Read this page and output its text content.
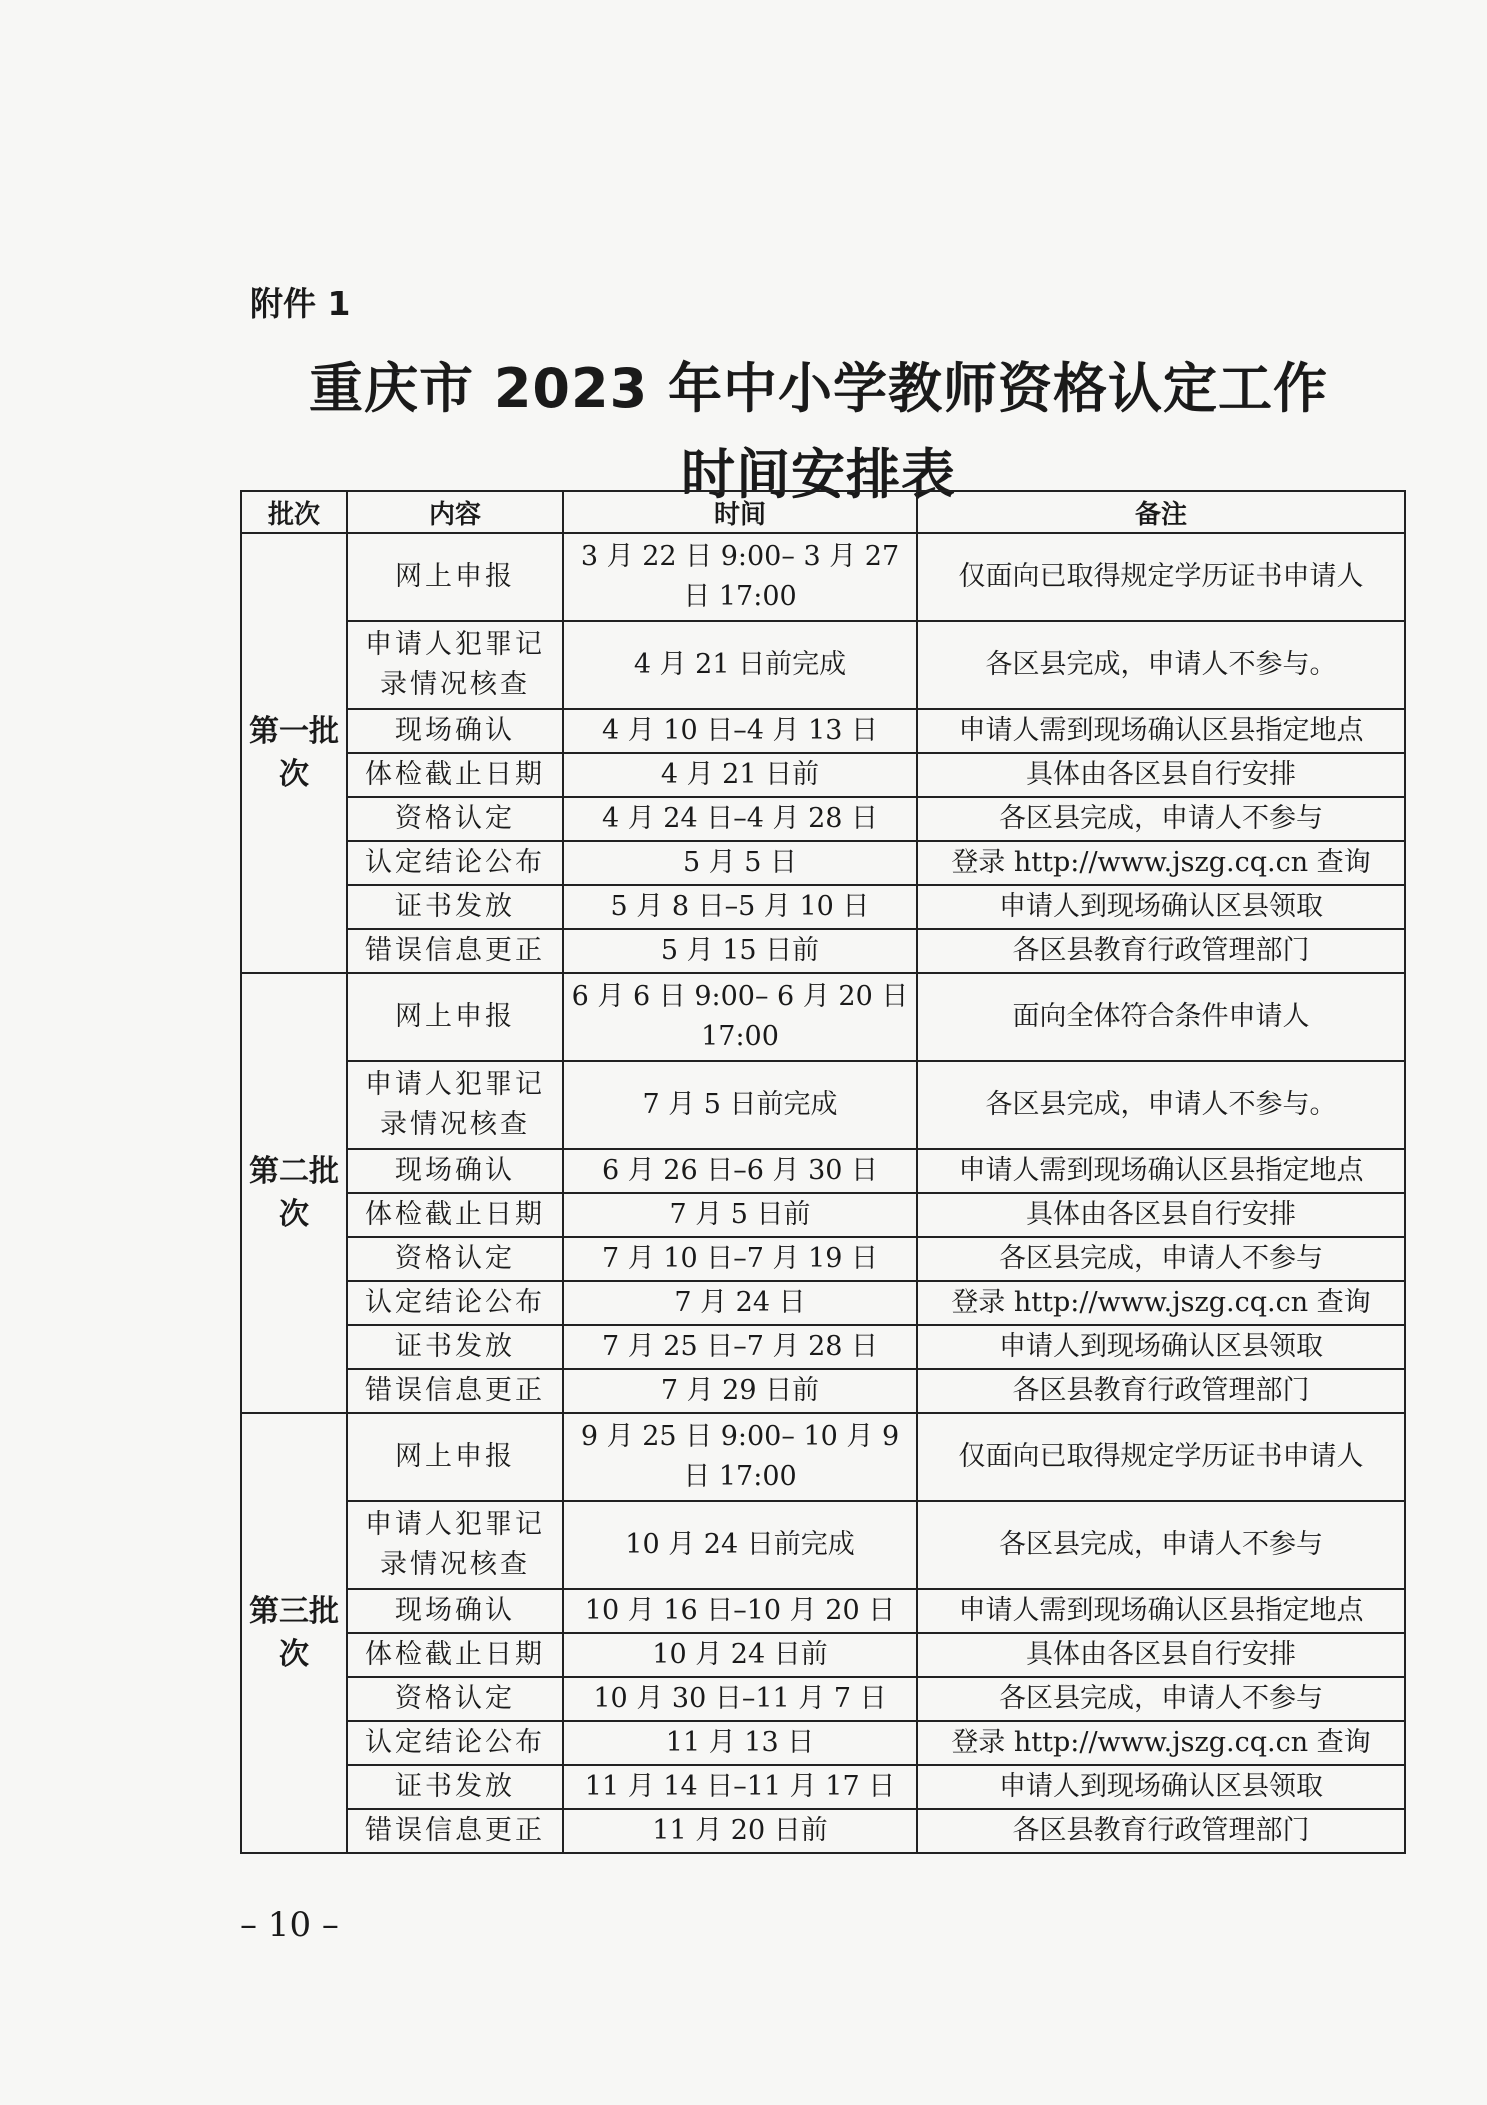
附件 1
重庆市 2023 年中小学教师资格认定工作
时间安排表
批次	内容	时间	备注
第一批次	网上申报	3 月 22 日 9:00– 3 月 27 日 17:00	仅面向已取得规定学历证书申请人
	申请人犯罪记录情况核查	4 月 21 日前完成	各区县完成，申请人不参与。
	现场确认	4 月 10 日–4 月 13 日	申请人需到现场确认区县指定地点
	体检截止日期	4 月 21 日前	具体由各区县自行安排
	资格认定	4 月 24 日–4 月 28 日	各区县完成，申请人不参与
	认定结论公布	5 月 5 日	登录 http://www.jszg.cq.cn 查询
	证书发放	5 月 8 日–5 月 10 日	申请人到现场确认区县领取
	错误信息更正	5 月 15 日前	各区县教育行政管理部门
第二批次	网上申报	6 月 6 日 9:00– 6 月 20 日 17:00	面向全体符合条件申请人
	申请人犯罪记录情况核查	7 月 5 日前完成	各区县完成，申请人不参与。
	现场确认	6 月 26 日–6 月 30 日	申请人需到现场确认区县指定地点
	体检截止日期	7 月 5 日前	具体由各区县自行安排
	资格认定	7 月 10 日–7 月 19 日	各区县完成，申请人不参与
	认定结论公布	7 月 24 日	登录 http://www.jszg.cq.cn 查询
	证书发放	7 月 25 日–7 月 28 日	申请人到现场确认区县领取
	错误信息更正	7 月 29 日前	各区县教育行政管理部门
第三批次	网上申报	9 月 25 日 9:00– 10 月 9 日 17:00	仅面向已取得规定学历证书申请人
	申请人犯罪记录情况核查	10 月 24 日前完成	各区县完成，申请人不参与
	现场确认	10 月 16 日–10 月 20 日	申请人需到现场确认区县指定地点
	体检截止日期	10 月 24 日前	具体由各区县自行安排
	资格认定	10 月 30 日–11 月 7 日	各区县完成，申请人不参与
	认定结论公布	11 月 13 日	登录 http://www.jszg.cq.cn 查询
	证书发放	11 月 14 日–11 月 17 日	申请人到现场确认区县领取
	错误信息更正	11 月 20 日前	各区县教育行政管理部门
– 10 –
